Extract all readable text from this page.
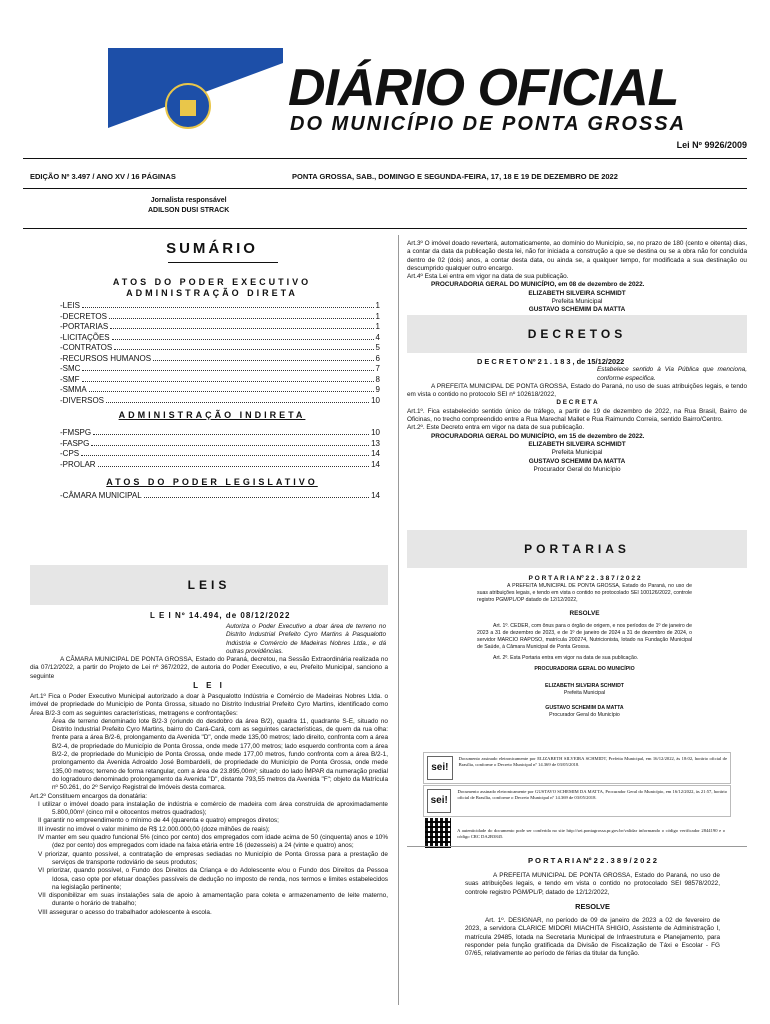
DIÁRIO OFICIAL
DO MUNICÍPIO DE PONTA GROSSA
Lei Nº 9926/2009
EDIÇÃO Nº 3.497 / ANO XV / 16 PÁGINAS	PONTA GROSSA, SAB., DOMINGO E SEGUNDA-FEIRA, 17, 18 E 19 DE DEZEMBRO DE 2022
Jornalista responsável
ADILSON DUSI STRACK
SUMÁRIO
ATOS DO PODER EXECUTIVO
ADMINISTRAÇÃO DIRETA
-LEIS	1
-DECRETOS	1
-PORTARIAS	1
-LICITAÇÕES	4
-CONTRATOS	5
-RECURSOS HUMANOS	6
-SMC	7
-SMF	8
-SMMA	9
-DIVERSOS	10
ADMINISTRAÇÃO INDIRETA
-FMSPG	10
-FASPG	13
-CPS	14
-PROLAR	14
ATOS DO PODER LEGISLATIVO
-CÂMARA MUNICIPAL	14
LEIS
L E I Nº 14.494, de 08/12/2022
Autoriza o Poder Executivo a doar área de terreno no Distrito Industrial Prefeito Cyro Martins à Pasqualotto Indústria e Comércio de Madeiras Nobres Ltda., e dá outras providências.
A CÂMARA MUNICIPAL DE PONTA GROSSA, Estado do Paraná, decretou, na Sessão Extraordinária realizada no dia 07/12/2022, a partir do Projeto de Lei nº 367/2022, de autoria do Poder Executivo, e eu, Prefeito Municipal, sanciono a seguinte
L E I

Art.1º Fica o Poder Executivo Municipal autorizado a doar à Pasqualotto Indústria e Comércio de Madeiras Nobres Ltda. o imóvel de propriedade do Município de Ponta Grossa, situado no Distrito Industrial Prefeito Cyro Martins, identificado como Área B/2-3 com as seguintes características, metragens e confrontações:

Área de terreno denominado lote B/2-3 (oriundo do desdobro da área B/2), quadra 11, quadrante S-E, situado no Distrito Industrial Prefeito Cyro Martins, bairro do Cará-Cará, com as seguintes características, de quem da rua olha: frente para a área B/2-6, prolongamento da Avenida "D", onde mede 135,00 metros; lado direito, confronta com a área B/2-4, de propriedade do Município de Ponta Grossa, onde mede 177,00 metros; lado esquerdo confronta com a área B/2-2, de propriedade do Município de Ponta Grossa, onde mede 177,00 metros, fundo confronta com a área B/2-1, prolongamento da Avenida Adroaldo José Bombardelli, de propriedade do Município de Ponta Grossa, onde mede 135,00 metros; terreno de forma retangular, com a área de 23.895,00m²; situado do lado ÍMPAR da numeração predial do logradouro denominado prolongamento da Avenida "D", distante 793,55 metros da Avenida "F"; objeto da Matrícula nº 50.261, do 2º Serviço Registral de Imóveis desta comarca.

Art.2º Constituem encargos da donatária:

I utilizar o imóvel doado para instalação de indústria e comércio de madeira com área construída de aproximadamente 5.800,00m² (cinco mil e oitocentos metros quadrados);

II garantir no empreendimento o mínimo de 44 (quarenta e quatro) empregos diretos;

III investir no imóvel o valor mínimo de R$ 12.000.000,00 (doze milhões de reais);

IV manter em seu quadro funcional 5% (cinco por cento) dos empregados com idade acima de 50 (cinquenta) anos e 10% (dez por cento) dos empregados com idade na faixa etária entre 16 (dezesseis) a 24 (vinte e quatro) anos;

V priorizar, quanto possível, a contratação de empresas sediadas no Município de Ponta Grossa para a prestação de serviços de transporte rodoviário de seus produtos;

VI priorizar, quando possível, o Fundo dos Direitos da Criança e do Adolescente e/ou o Fundo dos Direitos da Pessoa Idosa, caso opte por efetuar doações passíveis de dedução no imposto de renda, nos termos e limites estabelecidos na legislação pertinente;

VII disponibilizar em suas instalações sala de apoio à amamentação para coleta e armazenamento de leite materno, durante o horário de trabalho;

VIII assegurar o acesso do trabalhador adolescente à escola.

Art.3º O imóvel doado reverterá, automaticamente, ao domínio do Município, se, no prazo de 180 (cento e oitenta) dias, a contar da data da publicação desta lei, não for iniciada a construção a que se destina ou se a obra não for concluída dentro de 02 (dois) anos, a contar desta data, ou ainda se, a qualquer tempo, for modificada a sua destinação ou descumprido qualquer outro encargo.

Art.4º Esta Lei entra em vigor na data de sua publicação.

PROCURADORIA GERAL DO MUNICÍPIO, em 08 de dezembro de 2022.

ELIZABETH SILVEIRA SCHMIDT

Prefeita Municipal

GUSTAVO SCHEMIM DA MATTA

DECRETOS

D E C R E T O Nº 2 1 . 1 8 3 , de 15/12/2022

Estabelece sentido à Via Pública que menciona, conforme especifica.

A PREFEITA MUNICIPAL DE PONTA GROSSA, Estado do Paraná, no uso de suas atribuições legais, e tendo em vista o contido no protocolo SEI nº 102618/2022,

D E C R E T A

Art.1º. Fica estabelecido sentido único de tráfego, a partir de 19 de dezembro de 2022, na Rua Brasil, Bairro de Oficinas, no trecho compreendido entre a Rua Marechal Mallet e Rua Raimundo Correia, sentido Bairro/Centro.

Art.2º. Este Decreto entra em vigor na data de sua publicação.

PROCURADORIA GERAL DO MUNICÍPIO, em 15 de dezembro de 2022.

ELIZABETH SILVEIRA SCHMIDT

Prefeita Municipal

GUSTAVO SCHEMIM DA MATTA

Procurador Geral do Município

PORTARIAS

P O R T A R I A Nº 2 2 . 3 8 7 / 2 0 2 2

A PREFEITA MUNICIPAL DE PONTA GROSSA, Estado do Paraná, no uso de suas atribuições legais, e tendo em vista o contido no protocolado SEI 100126/2022, controle registro PGM/PL/OP datado de 12/12/2022,

RESOLVE

Art. 1º. CEDER, com ônus para o órgão de origem, e nos períodos de 1º de janeiro de 2023 a 31 de dezembro de 2023, e de 1º de janeiro de 2024 a 31 de dezembro de 2024, o servidor MARCIO RAPOSO, matrícula 200274, Nutricionista, lotado na Fundação Municipal de Saúde, à Câmara Municipal de Ponta Grossa.

Art. 2º. Esta Portaria entra em vigor na data de sua publicação.

PROCURADORIA GERAL DO MUNICÍPIO

ELIZABETH SILVEIRA SCHMIDT

Prefeita Municipal

GUSTAVO SCHEMIM DA MATTA

Procurador Geral do Município

sei!
Documento assinado eletronicamente por ELIZABETH SILVEIRA SCHMIDT, Prefeita Municipal, em 16/12/2022, às 18:02, horário oficial de Brasília, conforme o Decreto Municipal nº 14.369 de 03/05/2018.
sei!
Documento assinado eletronicamente por GUSTAVO SCHEMIM DA MATTA, Procurador Geral do Município, em 16/12/2022, às 21:57, horário oficial de Brasília, conforme o Decreto Municipal nº 14.369 de 03/05/2018.
A autenticidade do documento pode ser conferida no site http://sei.pontagrossa.pr.gov.br/validar informando o código verificador 2844190 e o código CRC DA2B3845.

P O R T A R I A Nº 2 2 . 3 8 9 / 2 0 2 2

A PREFEITA MUNICIPAL DE PONTA GROSSA, Estado do Paraná, no uso de suas atribuições legais, e tendo em vista o contido no protocolado SEI 98578/2022, controle registro PGM/PL/P, datado de 12/12/2022,

RESOLVE

Art. 1º. DESIGNAR, no período de 09 de janeiro de 2023 a 02 de fevereiro de 2023, a servidora CLARICE MIDORI MIACHITA SHIGIO, Assistente de Administração I, matrícula 29485, lotada na Secretaria Municipal de Infraestrutura e Planejamento, para responder pela função gratificada da Divisão de Fiscalização de Táxi e Escolar - FG 07/65, relativamente ao período de férias da titular da função.
